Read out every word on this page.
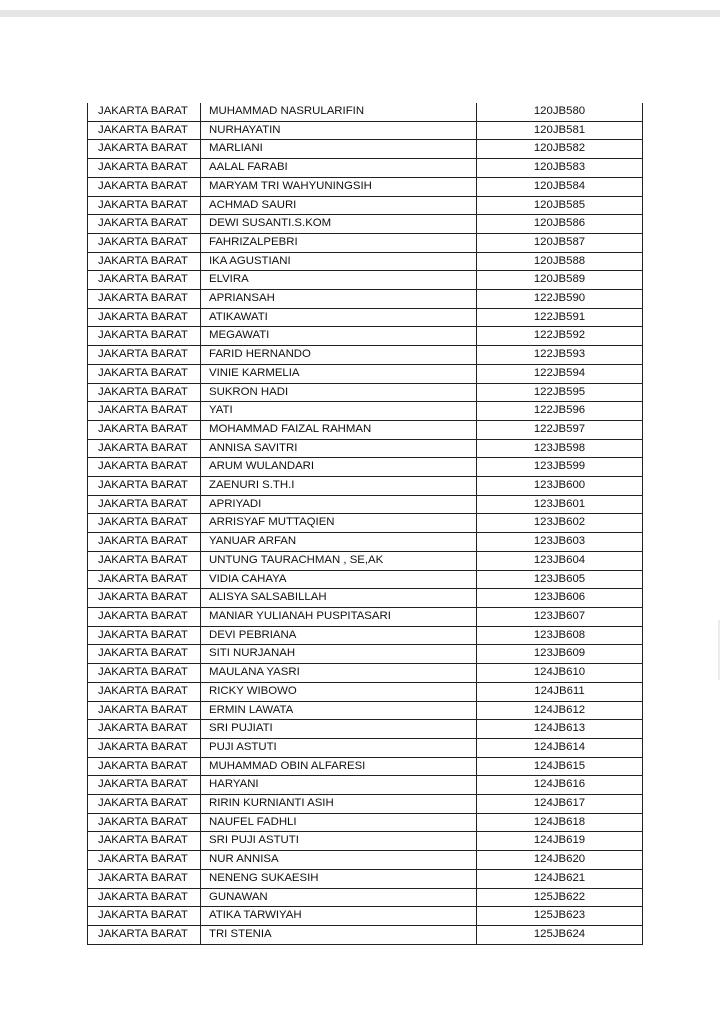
JAKARTA BARAT	MUHAMMAD NASRULARIFIN	120JB580
JAKARTA BARAT	NURHAYATIN	120JB581
JAKARTA BARAT	MARLIANI	120JB582
JAKARTA BARAT	AALAL FARABI	120JB583
JAKARTA BARAT	MARYAM TRI WAHYUNINGSIH	120JB584
JAKARTA BARAT	ACHMAD SAURI	120JB585
JAKARTA BARAT	DEWI SUSANTI.S.KOM	120JB586
JAKARTA BARAT	FAHRIZALPEBRI	120JB587
JAKARTA BARAT	IKA AGUSTIANI	120JB588
JAKARTA BARAT	ELVIRA	120JB589
JAKARTA BARAT	APRIANSAH	122JB590
JAKARTA BARAT	ATIKAWATI	122JB591
JAKARTA BARAT	MEGAWATI	122JB592
JAKARTA BARAT	FARID HERNANDO	122JB593
JAKARTA BARAT	VINIE KARMELIA	122JB594
JAKARTA BARAT	SUKRON HADI	122JB595
JAKARTA BARAT	YATI	122JB596
JAKARTA BARAT	MOHAMMAD FAIZAL RAHMAN	122JB597
JAKARTA BARAT	ANNISA SAVITRI	123JB598
JAKARTA BARAT	ARUM WULANDARI	123JB599
JAKARTA BARAT	ZAENURI S.TH.I	123JB600
JAKARTA BARAT	APRIYADI	123JB601
JAKARTA BARAT	ARRISYAF MUTTAQIEN	123JB602
JAKARTA BARAT	YANUAR ARFAN	123JB603
JAKARTA BARAT	UNTUNG TAURACHMAN , SE,AK	123JB604
JAKARTA BARAT	VIDIA CAHAYA	123JB605
JAKARTA BARAT	ALISYA SALSABILLAH	123JB606
JAKARTA BARAT	MANIAR YULIANAH PUSPITASARI	123JB607
JAKARTA BARAT	DEVI PEBRIANA	123JB608
JAKARTA BARAT	SITI NURJANAH	123JB609
JAKARTA BARAT	MAULANA YASRI	124JB610
JAKARTA BARAT	RICKY WIBOWO	124JB611
JAKARTA BARAT	ERMIN LAWATA	124JB612
JAKARTA BARAT	SRI PUJIATI	124JB613
JAKARTA BARAT	PUJI ASTUTI	124JB614
JAKARTA BARAT	MUHAMMAD OBIN ALFARESI	124JB615
JAKARTA BARAT	HARYANI	124JB616
JAKARTA BARAT	RIRIN KURNIANTI ASIH	124JB617
JAKARTA BARAT	NAUFEL FADHLI	124JB618
JAKARTA BARAT	SRI PUJI ASTUTI	124JB619
JAKARTA BARAT	NUR ANNISA	124JB620
JAKARTA BARAT	NENENG SUKAESIH	124JB621
JAKARTA BARAT	GUNAWAN	125JB622
JAKARTA BARAT	ATIKA TARWIYAH	125JB623
JAKARTA BARAT	TRI STENIA	125JB624
